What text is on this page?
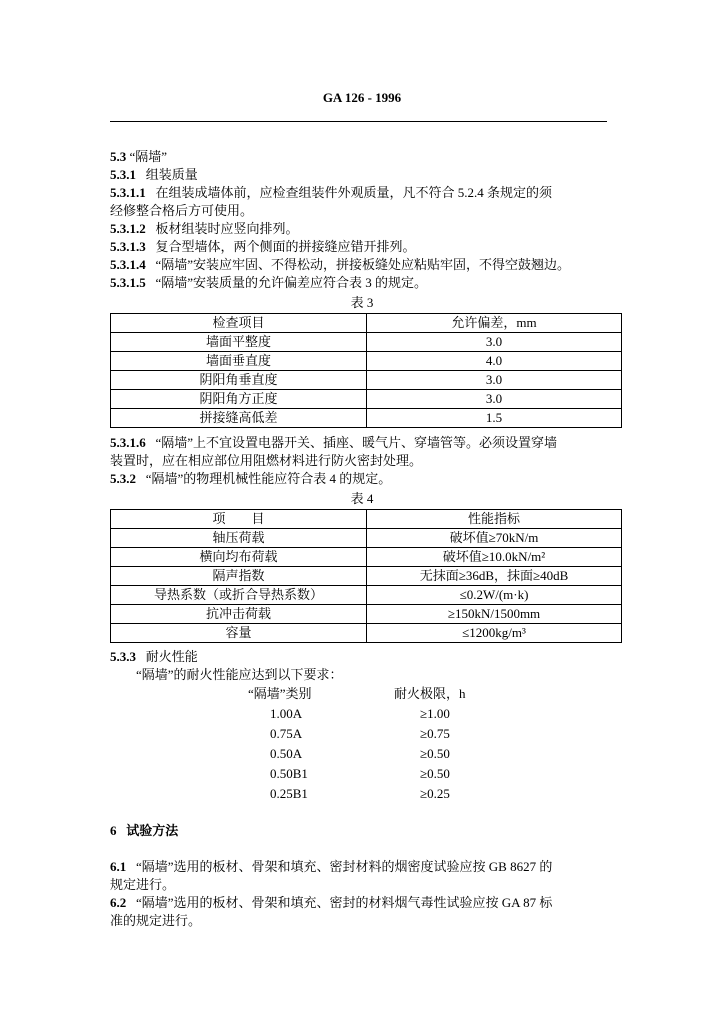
GA 126 - 1996
5.3 “隔墙”
5.3.1 组装质量
5.3.1.1 在组装成墙体前，应检查组装件外观质量，凡不符合 5.2.4 条规定的须
经修整合格后方可使用。
5.3.1.2 板材组装时应竖向排列。
5.3.1.3 复合型墙体，两个侧面的拼接缝应错开排列。
5.3.1.4 “隔墙”安装应牢固、不得松动，拼接板缝处应粘贴牢固，不得空鼓翘边。
5.3.1.5 “隔墙”安装质量的允许偏差应符合表 3 的规定。
表 3
检查项目	允许偏差，mm
墙面平整度	3.0
墙面垂直度	4.0
阴阳角垂直度	3.0
阴阳角方正度	3.0
拼接缝高低差	1.5
5.3.1.6 “隔墙”上不宜设置电器开关、插座、暖气片、穿墙管等。必须设置穿墙
装置时，应在相应部位用阻燃材料进行防火密封处理。
5.3.2 “隔墙”的物理机械性能应符合表 4 的规定。
表 4
项　　目	性能指标
轴压荷载	破坏值≥70kN/m
横向均布荷载	破坏值≥10.0kN/m²
隔声指数	无抹面≥36dB，抹面≥40dB
导热系数（或折合导热系数）	≤0.2W/(m·k)
抗冲击荷载	≥150kN/1500mm
容量	≤1200kg/m³
5.3.3 耐火性能
“隔墙”的耐火性能应达到以下要求：
“隔墙”类别	耐火极限，h
1.00A	≥1.00
0.75A	≥0.75
0.50A	≥0.50
0.50B1	≥0.50
0.25B1	≥0.25
6 试验方法
6.1 “隔墙”选用的板材、骨架和填充、密封材料的烟密度试验应按 GB 8627 的
规定进行。
6.2 “隔墙”选用的板材、骨架和填充、密封的材料烟气毒性试验应按 GA 87 标
准的规定进行。
